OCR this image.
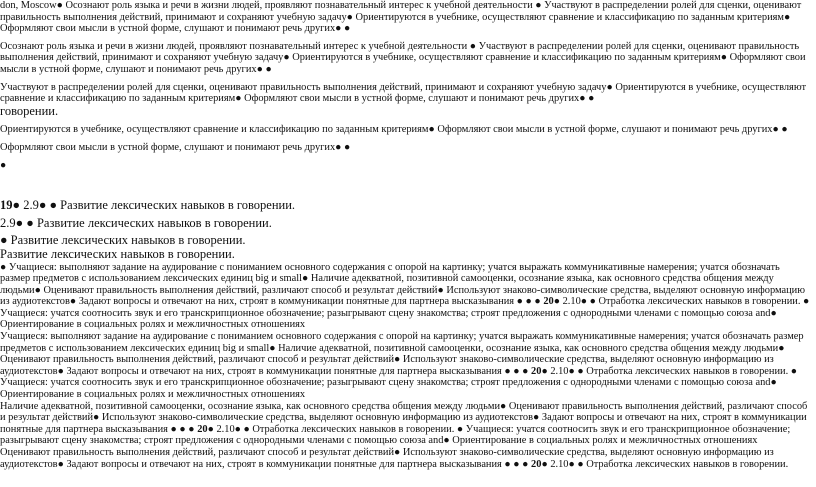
don, Moscow● Осознают роль языка и речи в жизни людей, проявляют познавательный интерес к учебной деятельности ● Участвуют в распределении ролей для сценки, оценивают правильность выполнения действий, принимают и сохраняют учебную задачу● Ориентируются в учебнике, осуществляют сравнение и классификацию по заданным критериям● Оформляют свои мысли в устной форме, слушают и понимают речь других● ●

Осознают роль языка и речи в жизни людей, проявляют познавательный интерес к учебной деятельности ● Участвуют в распределении ролей для сценки, оценивают правильность выполнения действий, принимают и сохраняют учебную задачу● Ориентируются в учебнике, осуществляют сравнение и классификацию по заданным критериям● Оформляют свои мысли в устной форме, слушают и понимают речь других● ●

Участвуют в распределении ролей для сценки, оценивают правильность выполнения действий, принимают и сохраняют учебную задачу● Ориентируются в учебнике, осуществляют сравнение и классификацию по заданным критериям● Оформляют свои мысли в устной форме, слушают и понимают речь других● ●

говорении.

Ориентируются в учебнике, осуществляют сравнение и классификацию по заданным критериям● Оформляют свои мысли в устной форме, слушают и понимают речь других● ●

Оформляют свои мысли в устной форме, слушают и понимают речь других● ●

●

19● 2.9● ● Развитие лексических навыков в говорении.

2.9● ● Развитие лексических навыков в говорении.

● Развитие лексических навыков в говорении.

Развитие лексических навыков в говорении.

● Учащиеся: выполняют задание на аудирование с пониманием основного содержания с опорой на картинку; учатся выражать коммуникативные намерения; учатся обозначать размер предметов с использованием лексических единиц big и small● Наличие адекватной, позитивной самооценки, осознание языка, как основного средства общения между людьми● Оценивают правильность выполнения действий, различают способ и результат действий● Используют знаково-символические средства, выделяют основную информацию из аудиотекстов● Задают вопросы и отвечают на них, строят в коммуникации понятные для партнера высказывания ● ● ● 20● 2.10● ● Отработка лексических навыков в говорении. ● Учащиеся: учатся соотносить звук и его транскрипционное обозначение; разыгрывают сцену знакомства; строят предложения с однородными членами с помощью союза and● Ориентирование в социальных ролях и межличностных отношениях

Учащиеся: выполняют задание на аудирование с пониманием основного содержания с опорой на картинку; учатся выражать коммуникативные намерения; учатся обозначать размер предметов с использованием лексических единиц big и small● Наличие адекватной, позитивной самооценки, осознание языка, как основного средства общения между людьми● Оценивают правильность выполнения действий, различают способ и результат действий● Используют знаково-символические средства, выделяют основную информацию из аудиотекстов● Задают вопросы и отвечают на них, строят в коммуникации понятные для партнера высказывания ● ● ● 20● 2.10● ● Отработка лексических навыков в говорении. ● Учащиеся: учатся соотносить звук и его транскрипционное обозначение; разыгрывают сцену знакомства; строят предложения с однородными членами с помощью союза and● Ориентирование в социальных ролях и межличностных отношениях

Наличие адекватной, позитивной самооценки, осознание языка, как основного средства общения между людьми● Оценивают правильность выполнения действий, различают способ и результат действий● Используют знаково-символические средства, выделяют основную информацию из аудиотекстов● Задают вопросы и отвечают на них, строят в коммуникации понятные для партнера высказывания ● ● ● 20● 2.10● ● Отработка лексических навыков в говорении. ● Учащиеся: учатся соотносить звук и его транскрипционное обозначение; разыгрывают сцену знакомства; строят предложения с однородными членами с помощью союза and● Ориентирование в социальных ролях и межличностных отношениях

Оценивают правильность выполнения действий, различают способ и результат действий● Используют знаково-символические средства, выделяют основную информацию из аудиотекстов● Задают вопросы и отвечают на них, строят в коммуникации понятные для партнера высказывания ● ● ● 20● 2.10● ● Отработка лексических навыков в говорении.
